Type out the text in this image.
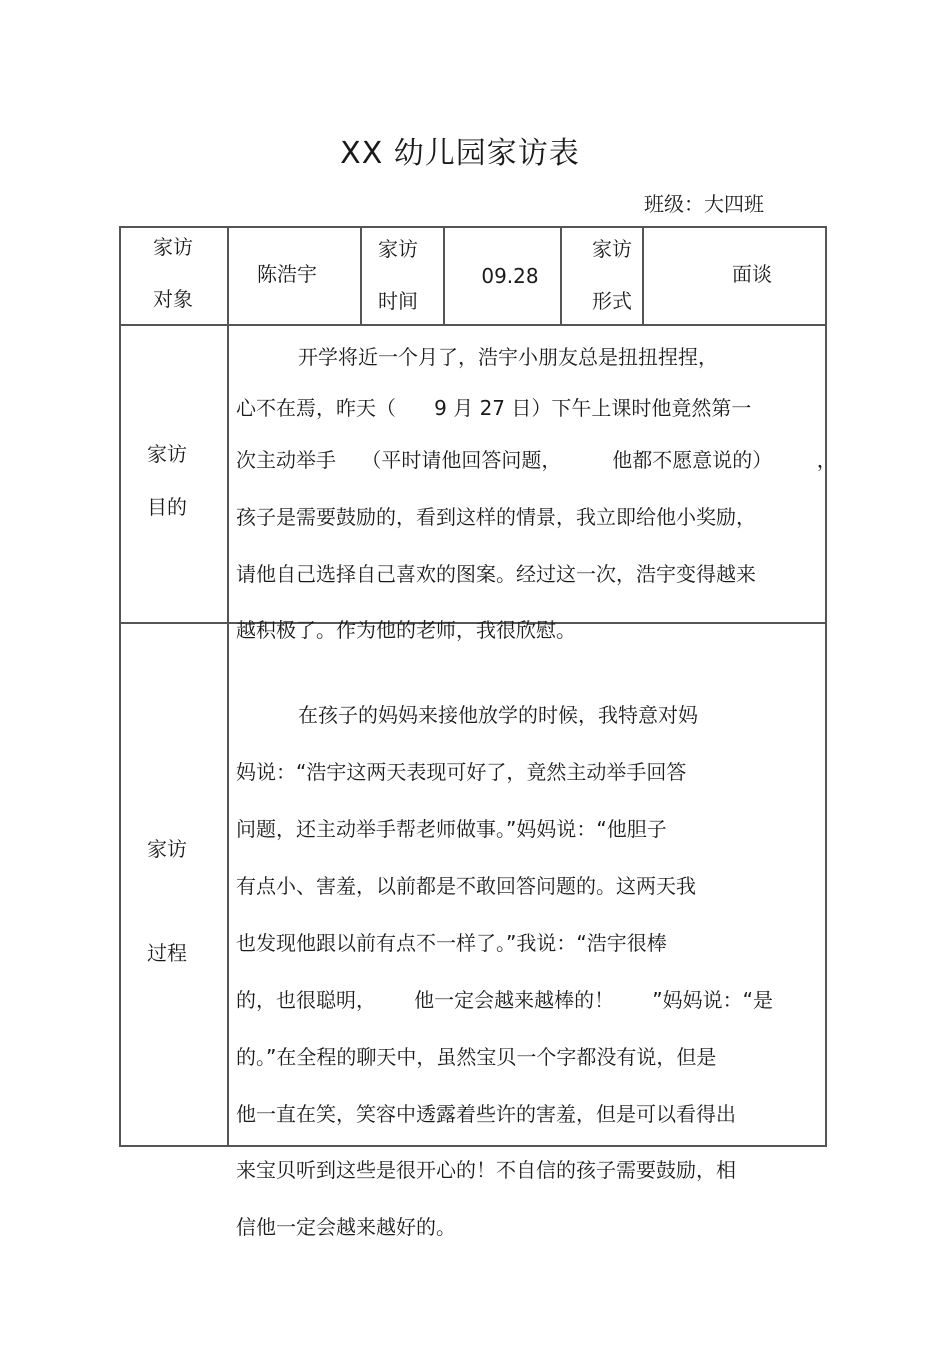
XX 幼儿园家访表
班级：大四班
家访
对象
陈浩宇
家访
时间
09.28
家访
形式
面谈
家访
目的
开学将近一个月了，浩宇小朋友总是扭扭捏捏，
心不在焉，昨天（      9 月 27 日）下午上课时他竟然第一
次主动举手    （平时请他回答问题，        他都不愿意说的）       ，
孩子是需要鼓励的，看到这样的情景，我立即给他小奖励，
请他自己选择自己喜欢的图案。经过这一次，浩宇变得越来
越积极了。作为他的老师，我很欣慰。
家访
过程
在孩子的妈妈来接他放学的时候，我特意对妈
妈说：“浩宇这两天表现可好了，竟然主动举手回答
问题，还主动举手帮老师做事。”妈妈说：“他胆子
有点小、害羞，以前都是不敢回答问题的。这两天我
也发现他跟以前有点不一样了。”我说：“浩宇很棒
的，也很聪明，      他一定会越来越棒的！      ”妈妈说：“是
的。”在全程的聊天中，虽然宝贝一个字都没有说，但是
他一直在笑，笑容中透露着些许的害羞，但是可以看得出
来宝贝听到这些是很开心的！不自信的孩子需要鼓励，相
信他一定会越来越好的。
